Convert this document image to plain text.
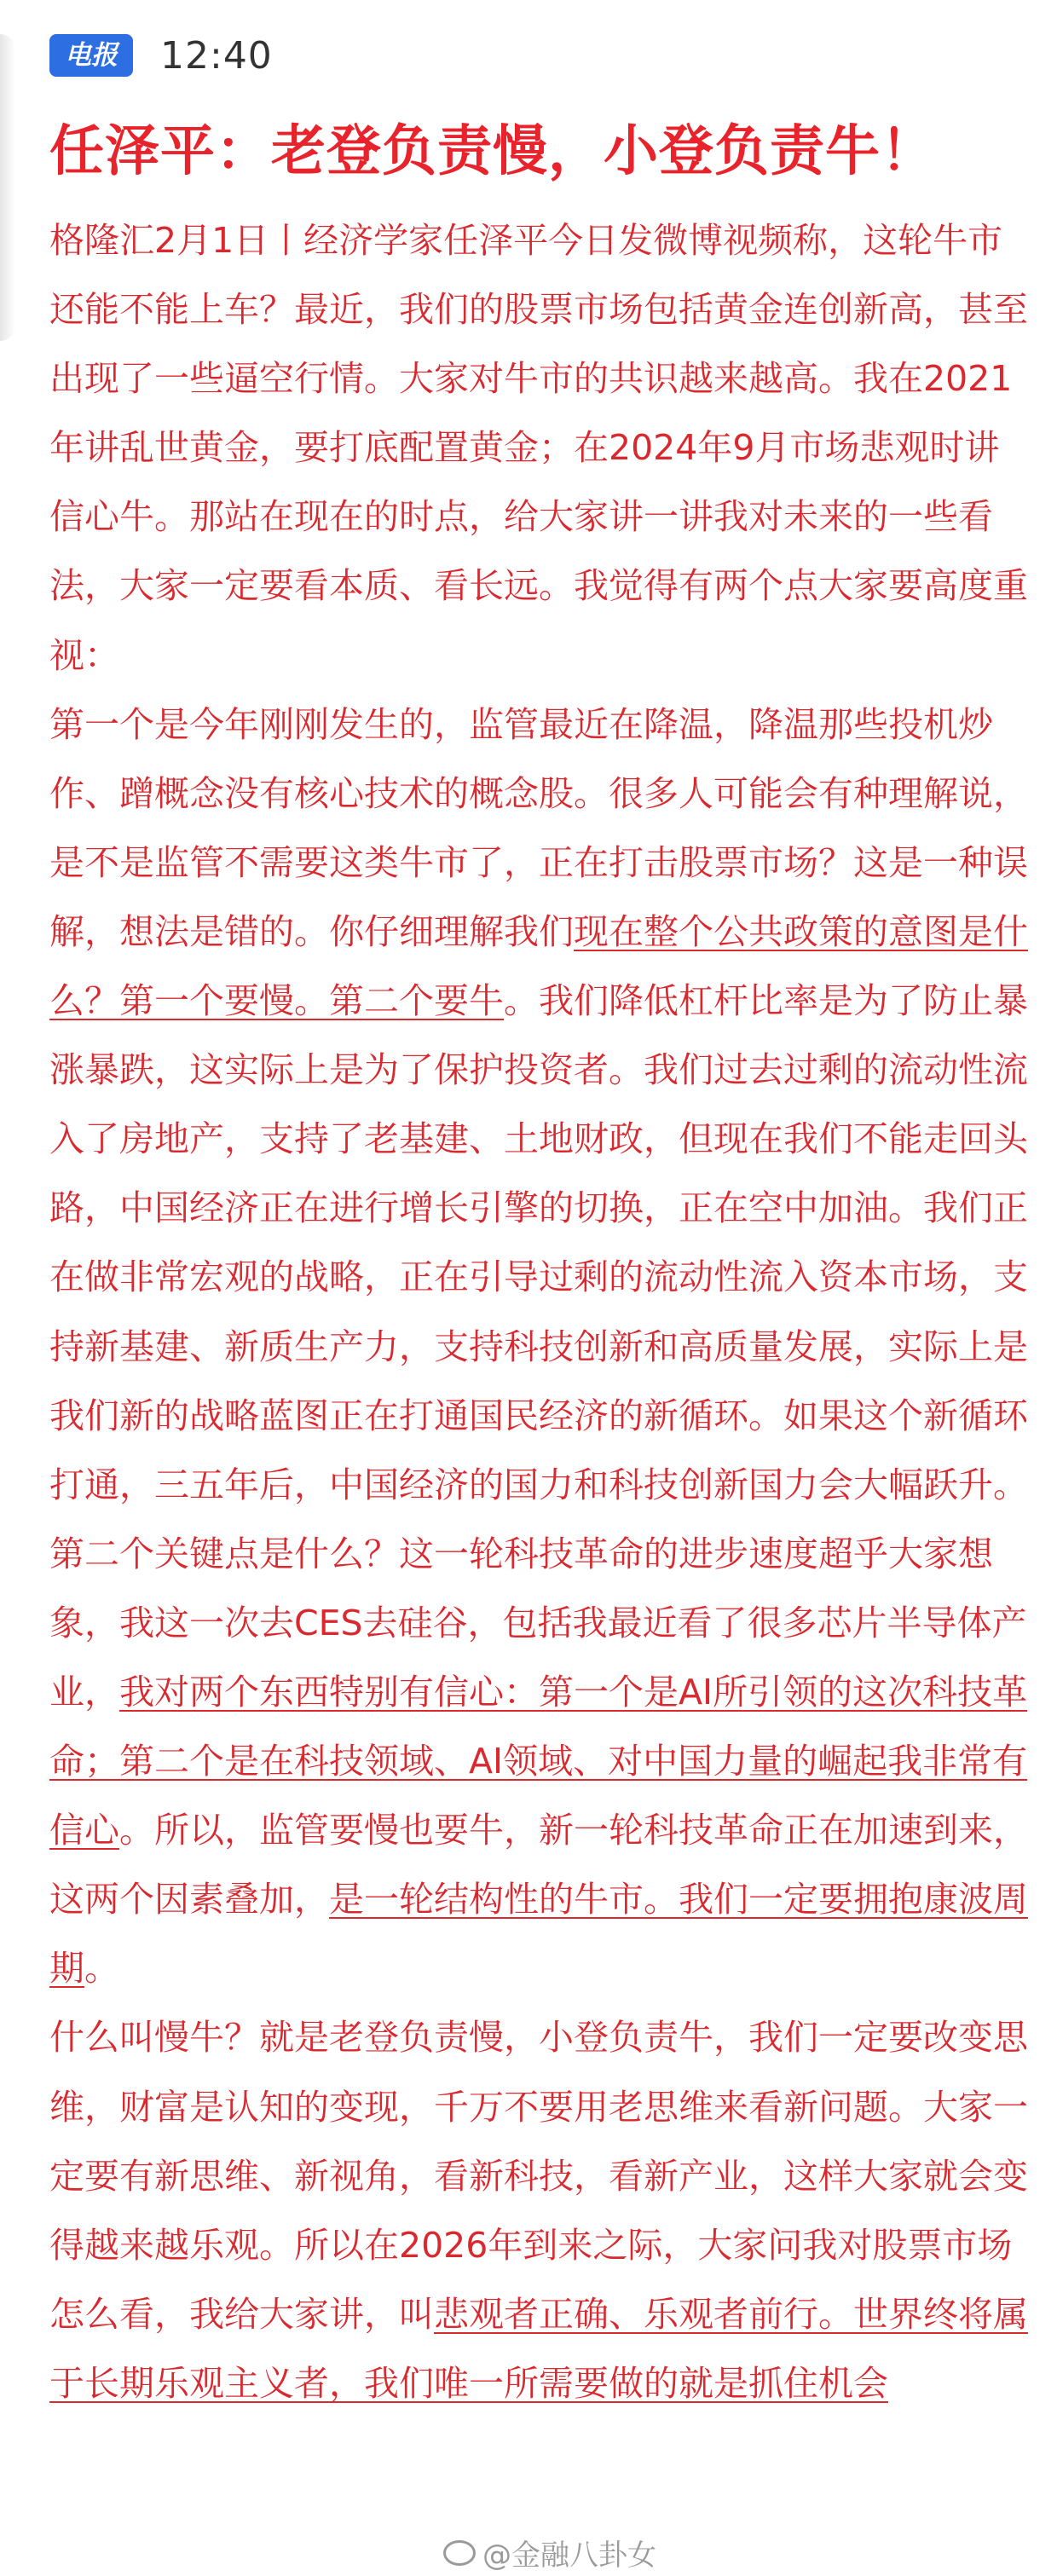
电报	12:40
任泽平：老登负责慢，小登负责牛！

格隆汇2月1日丨经济学家任泽平今日发微博视频称，这轮牛市还能不能上车？最近，我们的股票市场包括黄金连创新高，甚至出现了一些逼空行情。大家对牛市的共识越来越高。我在2021年讲乱世黄金，要打底配置黄金；在2024年9月市场悲观时讲信心牛。那站在现在的时点，给大家讲一讲我对未来的一些看法，大家一定要看本质、看长远。我觉得有两个点大家要高度重视：

第一个是今年刚刚发生的，监管最近在降温，降温那些投机炒作、蹭概念没有核心技术的概念股。很多人可能会有种理解说，是不是监管不需要这类牛市了，正在打击股票市场？这是一种误解，想法是错的。你仔细理解我们现在整个公共政策的意图是什么？第一个要慢。第二个要牛。我们降低杠杆比率是为了防止暴涨暴跌，这实际上是为了保护投资者。我们过去过剩的流动性流入了房地产，支持了老基建、土地财政，但现在我们不能走回头路，中国经济正在进行增长引擎的切换，正在空中加油。我们正在做非常宏观的战略，正在引导过剩的流动性流入资本市场，支持新基建、新质生产力，支持科技创新和高质量发展，实际上是我们新的战略蓝图正在打通国民经济的新循环。如果这个新循环打通，三五年后，中国经济的国力和科技创新国力会大幅跃升。

第二个关键点是什么？这一轮科技革命的进步速度超乎大家想象，我这一次去CES去硅谷，包括我最近看了很多芯片半导体产业，我对两个东西特别有信心：第一个是AI所引领的这次科技革命；第二个是在科技领域、AI领域、对中国力量的崛起我非常有信心。所以，监管要慢也要牛，新一轮科技革命正在加速到来，这两个因素叠加，是一轮结构性的牛市。我们一定要拥抱康波周期。

什么叫慢牛？就是老登负责慢，小登负责牛，我们一定要改变思维，财富是认知的变现，千万不要用老思维来看新问题。大家一定要有新思维、新视角，看新科技，看新产业，这样大家就会变得越来越乐观。所以在2026年到来之际，大家问我对股票市场怎么看，我给大家讲，叫悲观者正确、乐观者前行。世界终将属于长期乐观主义者，我们唯一所需要做的就是抓住机会

@金融八卦女
